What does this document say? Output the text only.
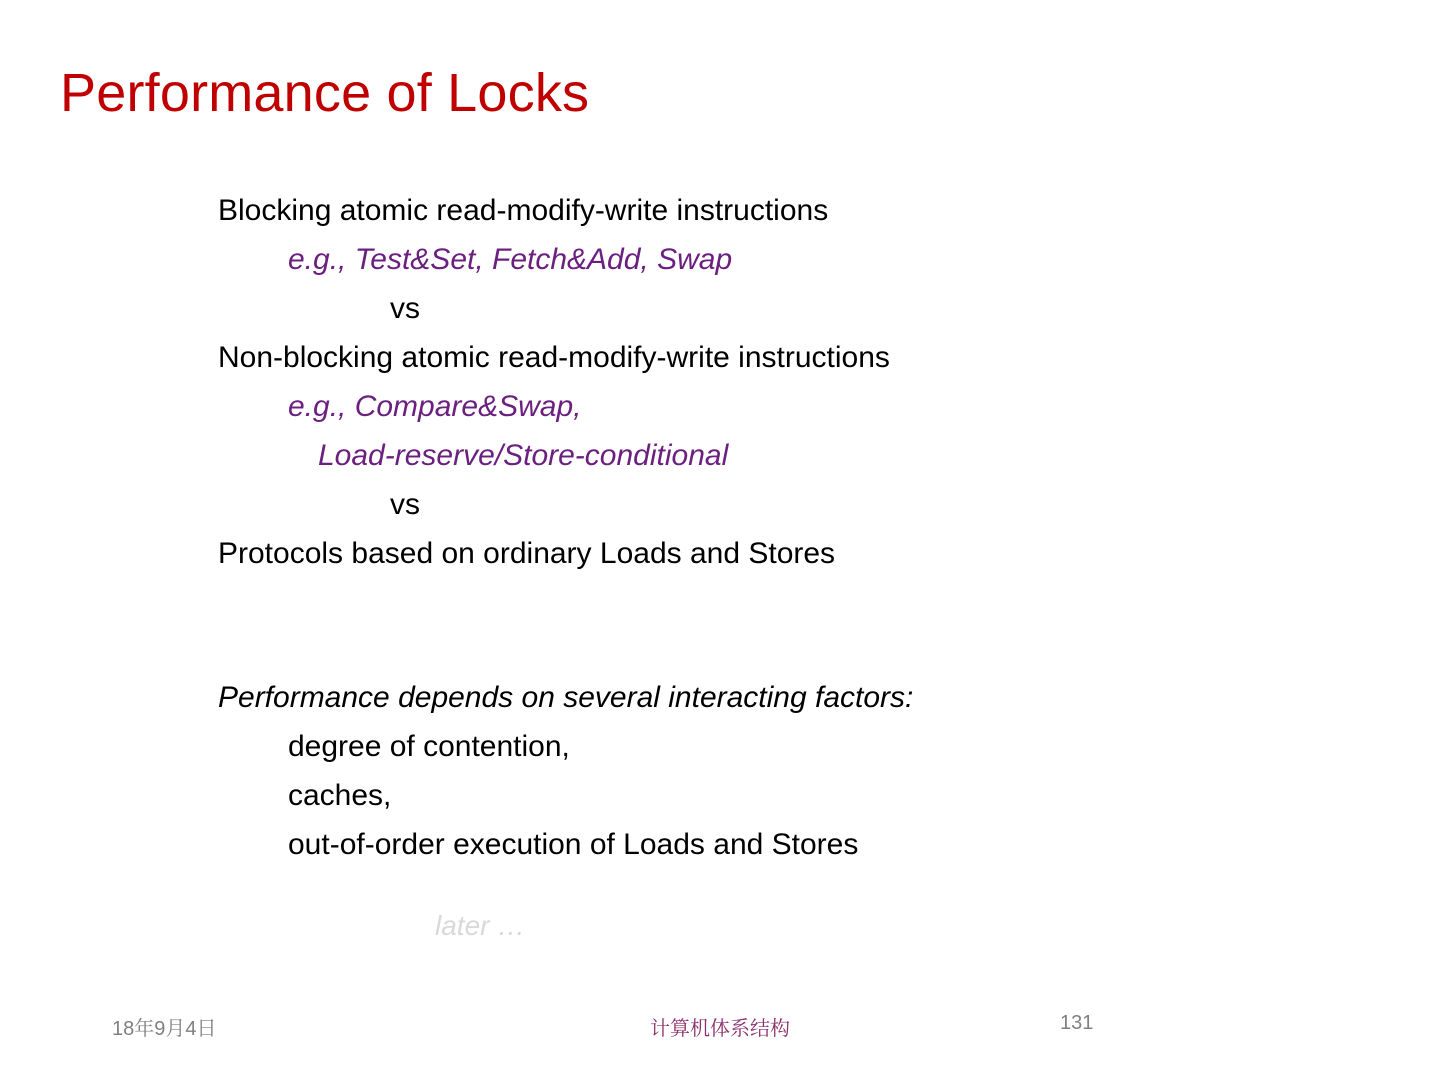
Performance of Locks
Blocking atomic read-modify-write instructions
e.g., Test&Set, Fetch&Add, Swap
vs
Non-blocking atomic read-modify-write instructions
e.g., Compare&Swap,
Load-reserve/Store-conditional
vs
Protocols based on ordinary Loads and Stores
Performance depends on several interacting factors:
degree of contention,
caches,
out-of-order execution of Loads and Stores
later …
18年9月4日	计算机体系结构	131
